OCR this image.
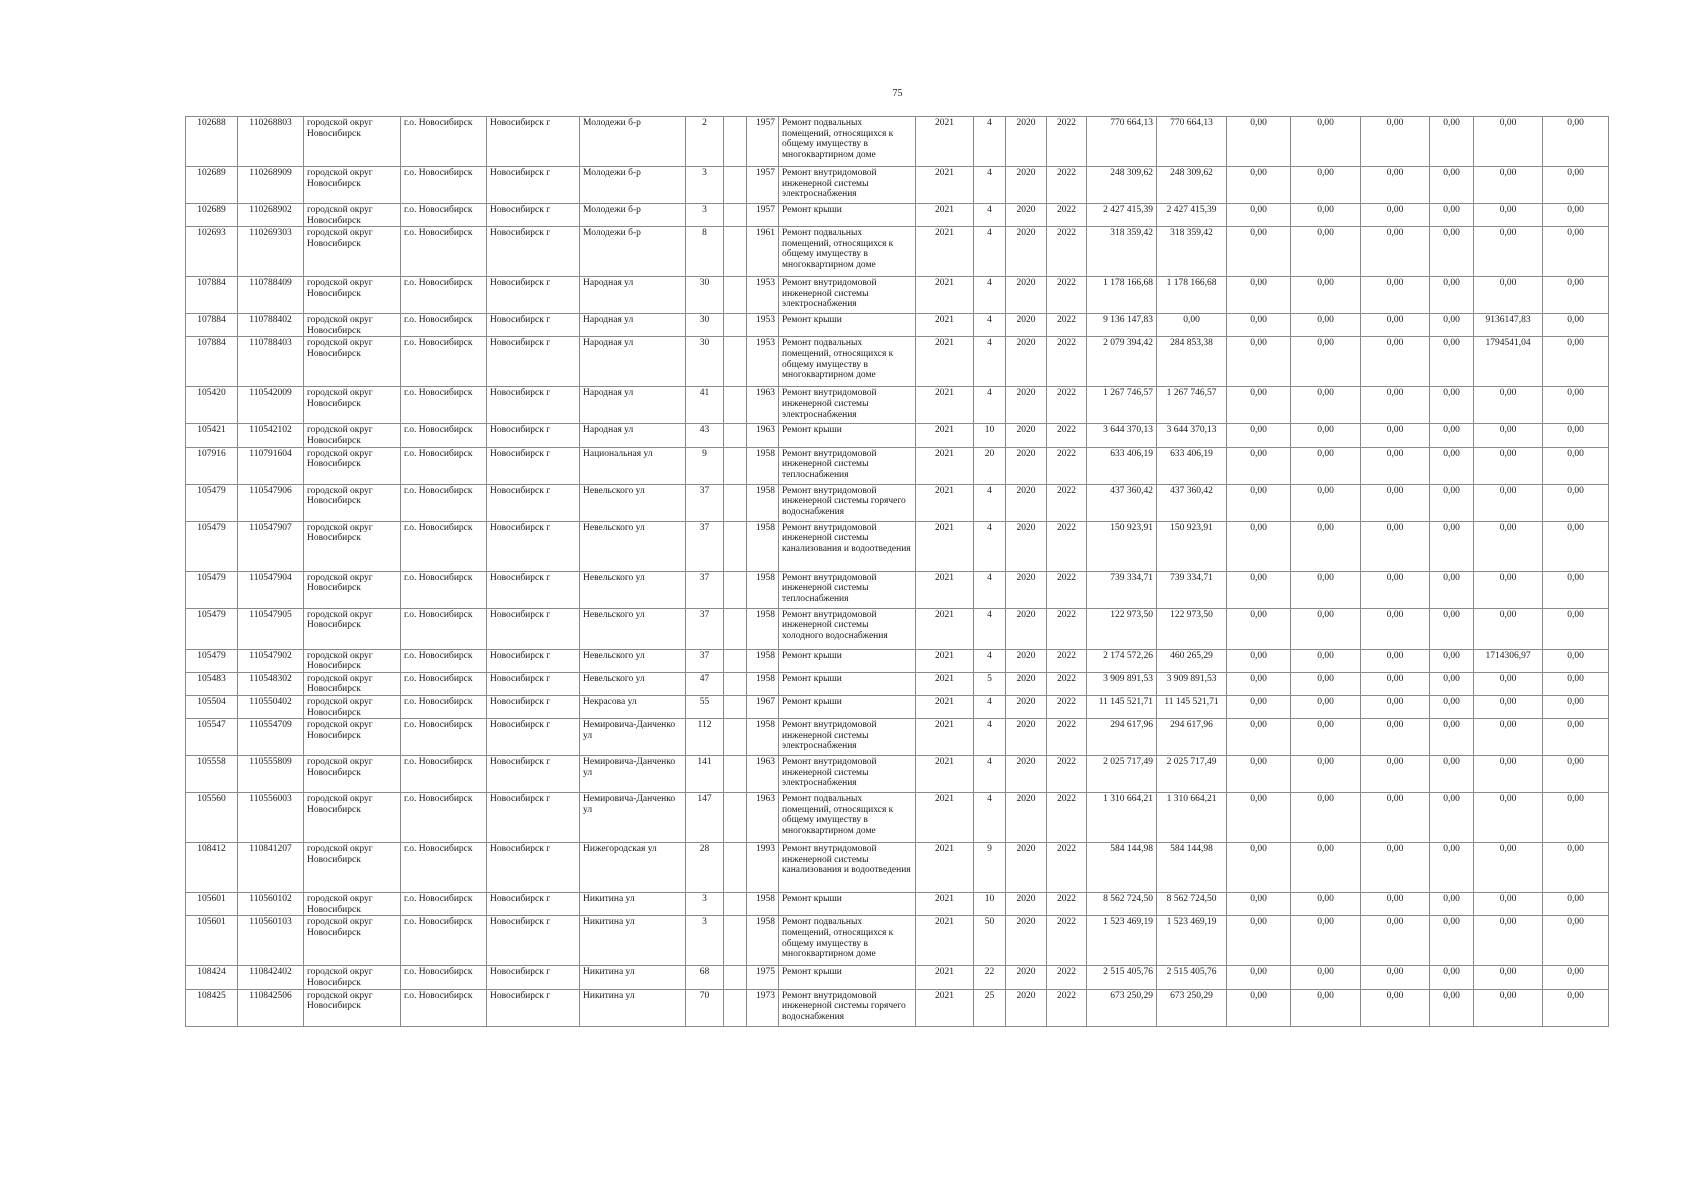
75
102688	110268803	городской округ Новосибирск	г.о. Новосибирск	Новосибирск г	Молодежи б-р	2		1957	Ремонт подвальных помещений, относящихся к общему имуществу в многоквартирном доме	2021	4	2020	2022	770 664,13	770 664,13	0,00	0,00	0,00	0,00	0,00	0,00
102689	110268909	городской округ Новосибирск	г.о. Новосибирск	Новосибирск г	Молодежи б-р	3		1957	Ремонт внутридомовой инженерной системы электроснабжения	2021	4	2020	2022	248 309,62	248 309,62	0,00	0,00	0,00	0,00	0,00	0,00
102689	110268902	городской округ Новосибирск	г.о. Новосибирск	Новосибирск г	Молодежи б-р	3		1957	Ремонт крыши	2021	4	2020	2022	2 427 415,39	2 427 415,39	0,00	0,00	0,00	0,00	0,00	0,00
102693	110269303	городской округ Новосибирск	г.о. Новосибирск	Новосибирск г	Молодежи б-р	8		1961	Ремонт подвальных помещений, относящихся к общему имуществу в многоквартирном доме	2021	4	2020	2022	318 359,42	318 359,42	0,00	0,00	0,00	0,00	0,00	0,00
107884	110788409	городской округ Новосибирск	г.о. Новосибирск	Новосибирск г	Народная ул	30		1953	Ремонт внутридомовой инженерной системы электроснабжения	2021	4	2020	2022	1 178 166,68	1 178 166,68	0,00	0,00	0,00	0,00	0,00	0,00
107884	110788402	городской округ Новосибирск	г.о. Новосибирск	Новосибирск г	Народная ул	30		1953	Ремонт крыши	2021	4	2020	2022	9 136 147,83	0,00	0,00	0,00	0,00	0,00	9136147,83	0,00
107884	110788403	городской округ Новосибирск	г.о. Новосибирск	Новосибирск г	Народная ул	30		1953	Ремонт подвальных помещений, относящихся к общему имуществу в многоквартирном доме	2021	4	2020	2022	2 079 394,42	284 853,38	0,00	0,00	0,00	0,00	1794541,04	0,00
105420	110542009	городской округ Новосибирск	г.о. Новосибирск	Новосибирск г	Народная ул	41		1963	Ремонт внутридомовой инженерной системы электроснабжения	2021	4	2020	2022	1 267 746,57	1 267 746,57	0,00	0,00	0,00	0,00	0,00	0,00
105421	110542102	городской округ Новосибирск	г.о. Новосибирск	Новосибирск г	Народная ул	43		1963	Ремонт крыши	2021	10	2020	2022	3 644 370,13	3 644 370,13	0,00	0,00	0,00	0,00	0,00	0,00
107916	110791604	городской округ Новосибирск	г.о. Новосибирск	Новосибирск г	Национальная ул	9		1958	Ремонт внутридомовой инженерной системы теплоснабжения	2021	20	2020	2022	633 406,19	633 406,19	0,00	0,00	0,00	0,00	0,00	0,00
105479	110547906	городской округ Новосибирск	г.о. Новосибирск	Новосибирск г	Невельского ул	37		1958	Ремонт внутридомовой инженерной системы горячего водоснабжения	2021	4	2020	2022	437 360,42	437 360,42	0,00	0,00	0,00	0,00	0,00	0,00
105479	110547907	городской округ Новосибирск	г.о. Новосибирск	Новосибирск г	Невельского ул	37		1958	Ремонт внутридомовой инженерной системы канализования и водоотведения	2021	4	2020	2022	150 923,91	150 923,91	0,00	0,00	0,00	0,00	0,00	0,00
105479	110547904	городской округ Новосибирск	г.о. Новосибирск	Новосибирск г	Невельского ул	37		1958	Ремонт внутридомовой инженерной системы теплоснабжения	2021	4	2020	2022	739 334,71	739 334,71	0,00	0,00	0,00	0,00	0,00	0,00
105479	110547905	городской округ Новосибирск	г.о. Новосибирск	Новосибирск г	Невельского ул	37		1958	Ремонт внутридомовой инженерной системы холодного водоснабжения	2021	4	2020	2022	122 973,50	122 973,50	0,00	0,00	0,00	0,00	0,00	0,00
105479	110547902	городской округ Новосибирск	г.о. Новосибирск	Новосибирск г	Невельского ул	37		1958	Ремонт крыши	2021	4	2020	2022	2 174 572,26	460 265,29	0,00	0,00	0,00	0,00	1714306,97	0,00
105483	110548302	городской округ Новосибирск	г.о. Новосибирск	Новосибирск г	Невельского ул	47		1958	Ремонт крыши	2021	5	2020	2022	3 909 891,53	3 909 891,53	0,00	0,00	0,00	0,00	0,00	0,00
105504	110550402	городской округ Новосибирск	г.о. Новосибирск	Новосибирск г	Некрасова ул	55		1967	Ремонт крыши	2021	4	2020	2022	11 145 521,71	11 145 521,71	0,00	0,00	0,00	0,00	0,00	0,00
105547	110554709	городской округ Новосибирск	г.о. Новосибирск	Новосибирск г	Немировича-Данченко ул	112		1958	Ремонт внутридомовой инженерной системы электроснабжения	2021	4	2020	2022	294 617,96	294 617,96	0,00	0,00	0,00	0,00	0,00	0,00
105558	110555809	городской округ Новосибирск	г.о. Новосибирск	Новосибирск г	Немировича-Данченко ул	141		1963	Ремонт внутридомовой инженерной системы электроснабжения	2021	4	2020	2022	2 025 717,49	2 025 717,49	0,00	0,00	0,00	0,00	0,00	0,00
105560	110556003	городской округ Новосибирск	г.о. Новосибирск	Новосибирск г	Немировича-Данченко ул	147		1963	Ремонт подвальных помещений, относящихся к общему имуществу в многоквартирном доме	2021	4	2020	2022	1 310 664,21	1 310 664,21	0,00	0,00	0,00	0,00	0,00	0,00
108412	110841207	городской округ Новосибирск	г.о. Новосибирск	Новосибирск г	Нижегородская ул	28		1993	Ремонт внутридомовой инженерной системы канализования и водоотведения	2021	9	2020	2022	584 144,98	584 144,98	0,00	0,00	0,00	0,00	0,00	0,00
105601	110560102	городской округ Новосибирск	г.о. Новосибирск	Новосибирск г	Никитина ул	3		1958	Ремонт крыши	2021	10	2020	2022	8 562 724,50	8 562 724,50	0,00	0,00	0,00	0,00	0,00	0,00
105601	110560103	городской округ Новосибирск	г.о. Новосибирск	Новосибирск г	Никитина ул	3		1958	Ремонт подвальных помещений, относящихся к общему имуществу в многоквартирном доме	2021	50	2020	2022	1 523 469,19	1 523 469,19	0,00	0,00	0,00	0,00	0,00	0,00
108424	110842402	городской округ Новосибирск	г.о. Новосибирск	Новосибирск г	Никитина ул	68		1975	Ремонт крыши	2021	22	2020	2022	2 515 405,76	2 515 405,76	0,00	0,00	0,00	0,00	0,00	0,00
108425	110842506	городской округ Новосибирск	г.о. Новосибирск	Новосибирск г	Никитина ул	70		1973	Ремонт внутридомовой инженерной системы горячего водоснабжения	2021	25	2020	2022	673 250,29	673 250,29	0,00	0,00	0,00	0,00	0,00	0,00
